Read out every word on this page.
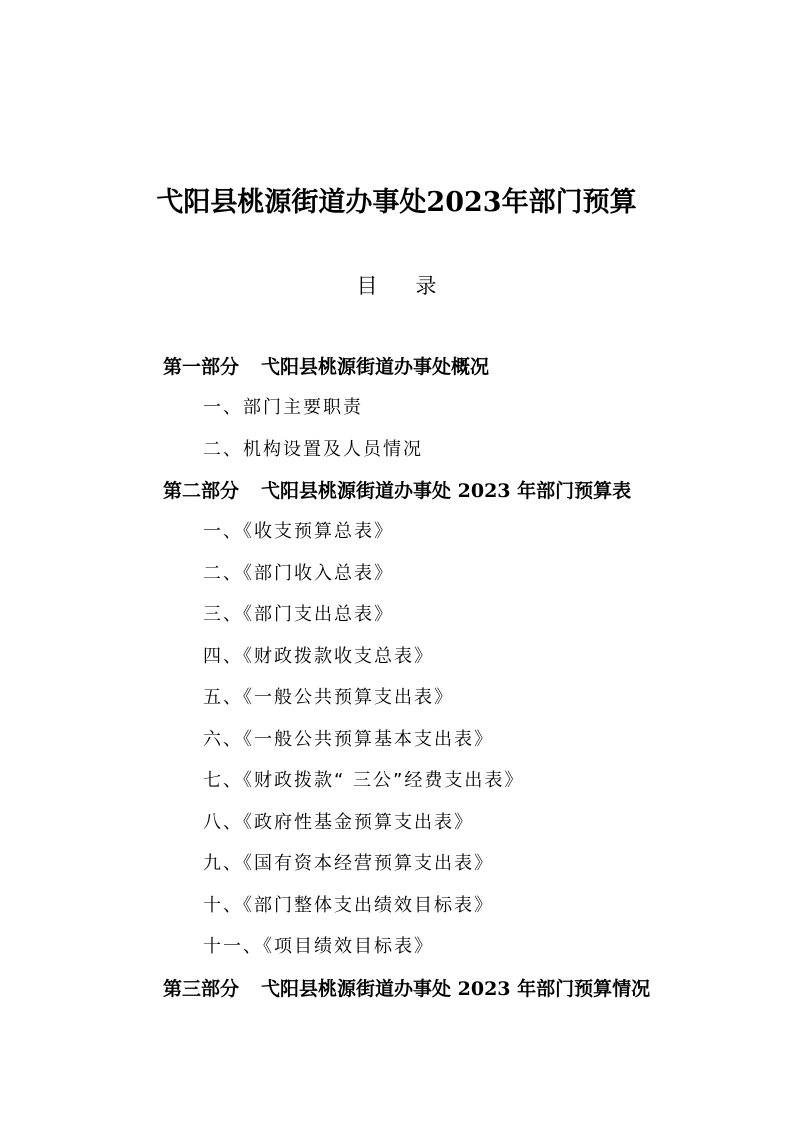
弋阳县桃源街道办事处2023年部门预算
目录
第一部分 弋阳县桃源街道办事处概况
一、部门主要职责
二、机构设置及人员情况
第二部分 弋阳县桃源街道办事处 2023 年部门预算表
一、《收支预算总表》
二、《部门收入总表》
三、《部门支出总表》
四、《财政拨款收支总表》
五、《一般公共预算支出表》
六、《一般公共预算基本支出表》
七、《财政拨款“ 三公”经费支出表》
八、《政府性基金预算支出表》
九、《国有资本经营预算支出表》
十、《部门整体支出绩效目标表》
十一、《项目绩效目标表》
第三部分 弋阳县桃源街道办事处 2023 年部门预算情况
